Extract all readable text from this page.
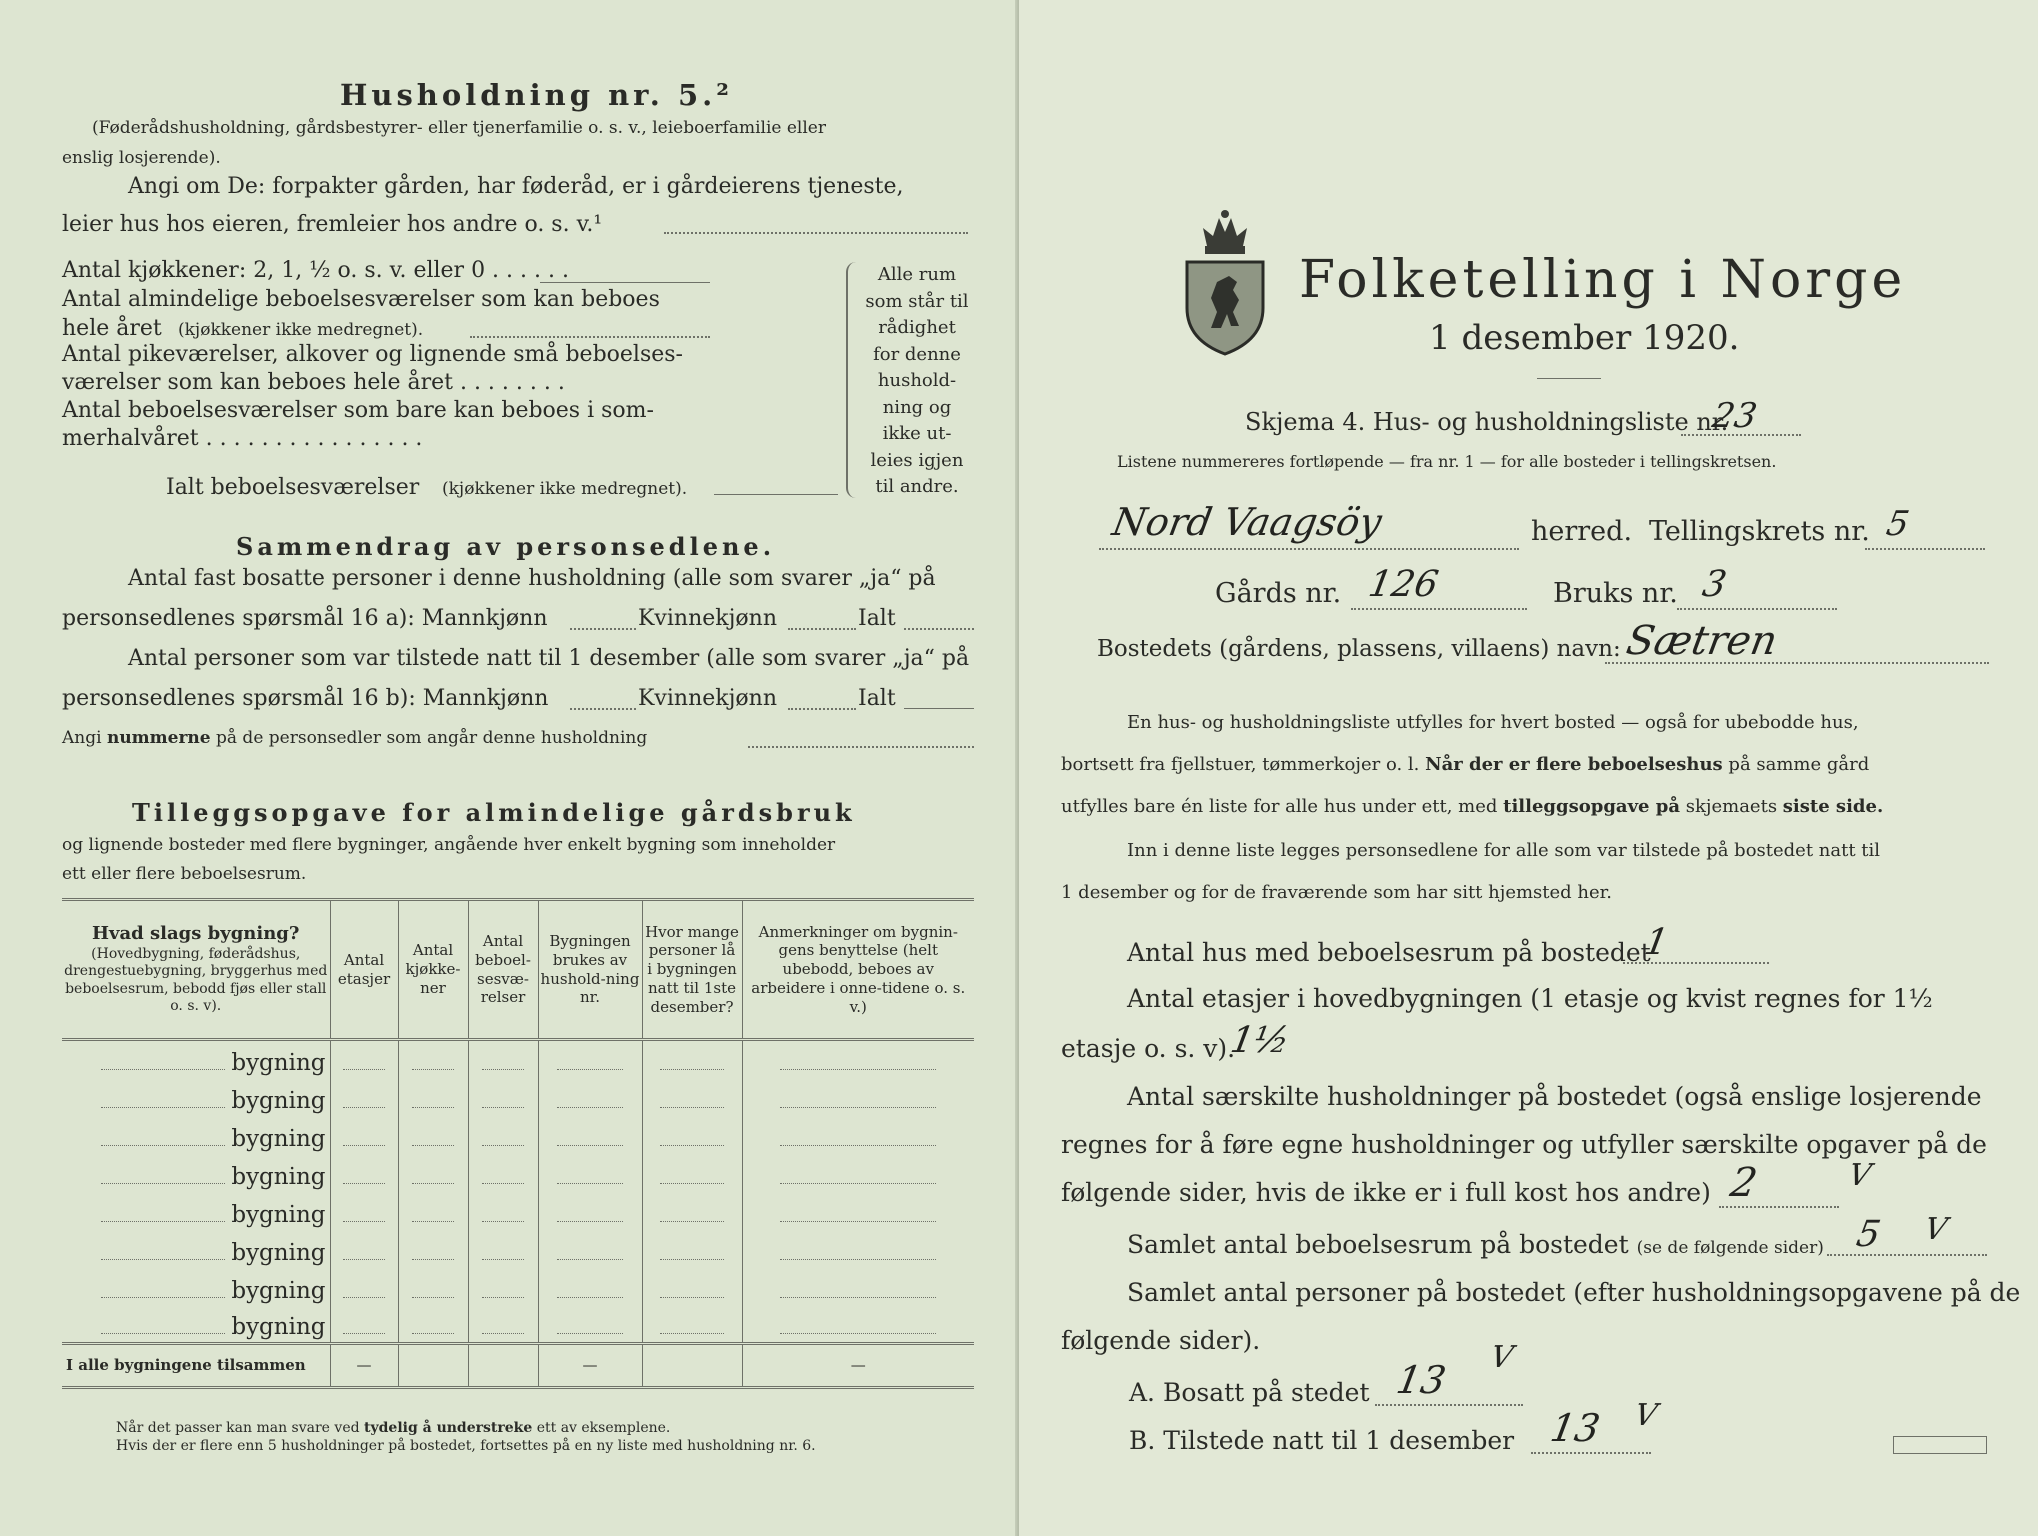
Husholdning nr. 5.²
(Føderådshusholdning, gårdsbestyrer- eller tjenerfamilie o. s. v., leieboerfamilie eller
enslig losjerende).
Angi om De: forpakter gården, har føderåd, er i gårdeierens tjeneste,
leier hus hos eieren, fremleier hos andre o. s. v.¹
Antal kjøkkener: 2, 1, ½ o. s. v. eller 0 . . . . . .
Antal almindelige beboelsesværelser som kan beboes
hele året (kjøkkener ikke medregnet).
Antal pikeværelser, alkover og lignende små beboelses-
værelser som kan beboes hele året . . . . . . . .
Antal beboelsesværelser som bare kan beboes i som-
merhalvåret . . . . . . . . . . . . . . . .
Alle rum
som står til
rådighet
for denne
hushold-
ning og
ikke ut-
leies igjen
til andre.
Ialt beboelsesværelser (kjøkkener ikke medregnet).
Sammendrag av personsedlene.
Antal fast bosatte personer i denne husholdning (alle som svarer „ja“ på
personsedlenes spørsmål 16 a): Mannkjønn	Kvinnekjønn	Ialt
Antal personer som var tilstede natt til 1 desember (alle som svarer „ja“ på
personsedlenes spørsmål 16 b): Mannkjønn	Kvinnekjønn	Ialt
Angi nummerne på de personsedler som angår denne husholdning
Tilleggsopgave for almindelige gårdsbruk
og lignende bosteder med flere bygninger, angående hver enkelt bygning som inneholder
ett eller flere beboelsesrum.
Hvad slags bygning?
(Hovedbygning, føderådshus, drengestuebygning, bryggerhus med beboelsesrum, bebodd fjøs eller stall o. s. v).	Antal etasjer	Antal kjøkke-ner	Antal beboel-sesvæ-relser	Bygningen brukes av hushold-ning nr.	Hvor mange personer lå i bygningen natt til 1ste desember?	Anmerkninger om bygnin-gens benyttelse (helt ubebodd, beboes av arbeidere i onne-tidene o. s. v.)
bygning						
bygning						
bygning						
bygning						
bygning						
bygning						
bygning						
bygning						
I alle bygningene tilsammen	—			—		—
Når det passer kan man svare ved tydelig å understreke ett av eksemplene.
Hvis der er flere enn 5 husholdninger på bostedet, fortsettes på en ny liste med husholdning nr. 6.
Folketelling i Norge
1 desember 1920.
Skjema 4. Hus- og husholdningsliste nr.
23
Listene nummereres fortløpende — fra nr. 1 — for alle bosteder i tellingskretsen.
Nord Vaagsöy	herred. Tellingskrets nr. 5
Gårds nr. 126	Bruks nr. 3
Bostedets (gårdens, plassens, villaens) navn: Sætren
En hus- og husholdningsliste utfylles for hvert bosted — også for ubebodde hus,
bortsett fra fjellstuer, tømmerkojer o. l. Når der er flere beboelseshus på samme gård
utfylles bare én liste for alle hus under ett, med tilleggsopgave på skjemaets siste side.
Inn i denne liste legges personsedlene for alle som var tilstede på bostedet natt til
1 desember og for de fraværende som har sitt hjemsted her.
Antal hus med beboelsesrum på bostedet
1
Antal etasjer i hovedbygningen (1 etasje og kvist regnes for 1½
etasje o. s. v).
1½
Antal særskilte husholdninger på bostedet (også enslige losjerende
regnes for å føre egne husholdninger og utfyller særskilte opgaver på de
følgende sider, hvis de ikke er i full kost hos andre) 2	V
Samlet antal beboelsesrum på bostedet (se de følgende sider) 5 V
Samlet antal personer på bostedet (efter husholdningsopgavene på de
følgende sider).
A. Bosatt på stedet 13
V
B. Tilstede natt til 1 desember 13 V
